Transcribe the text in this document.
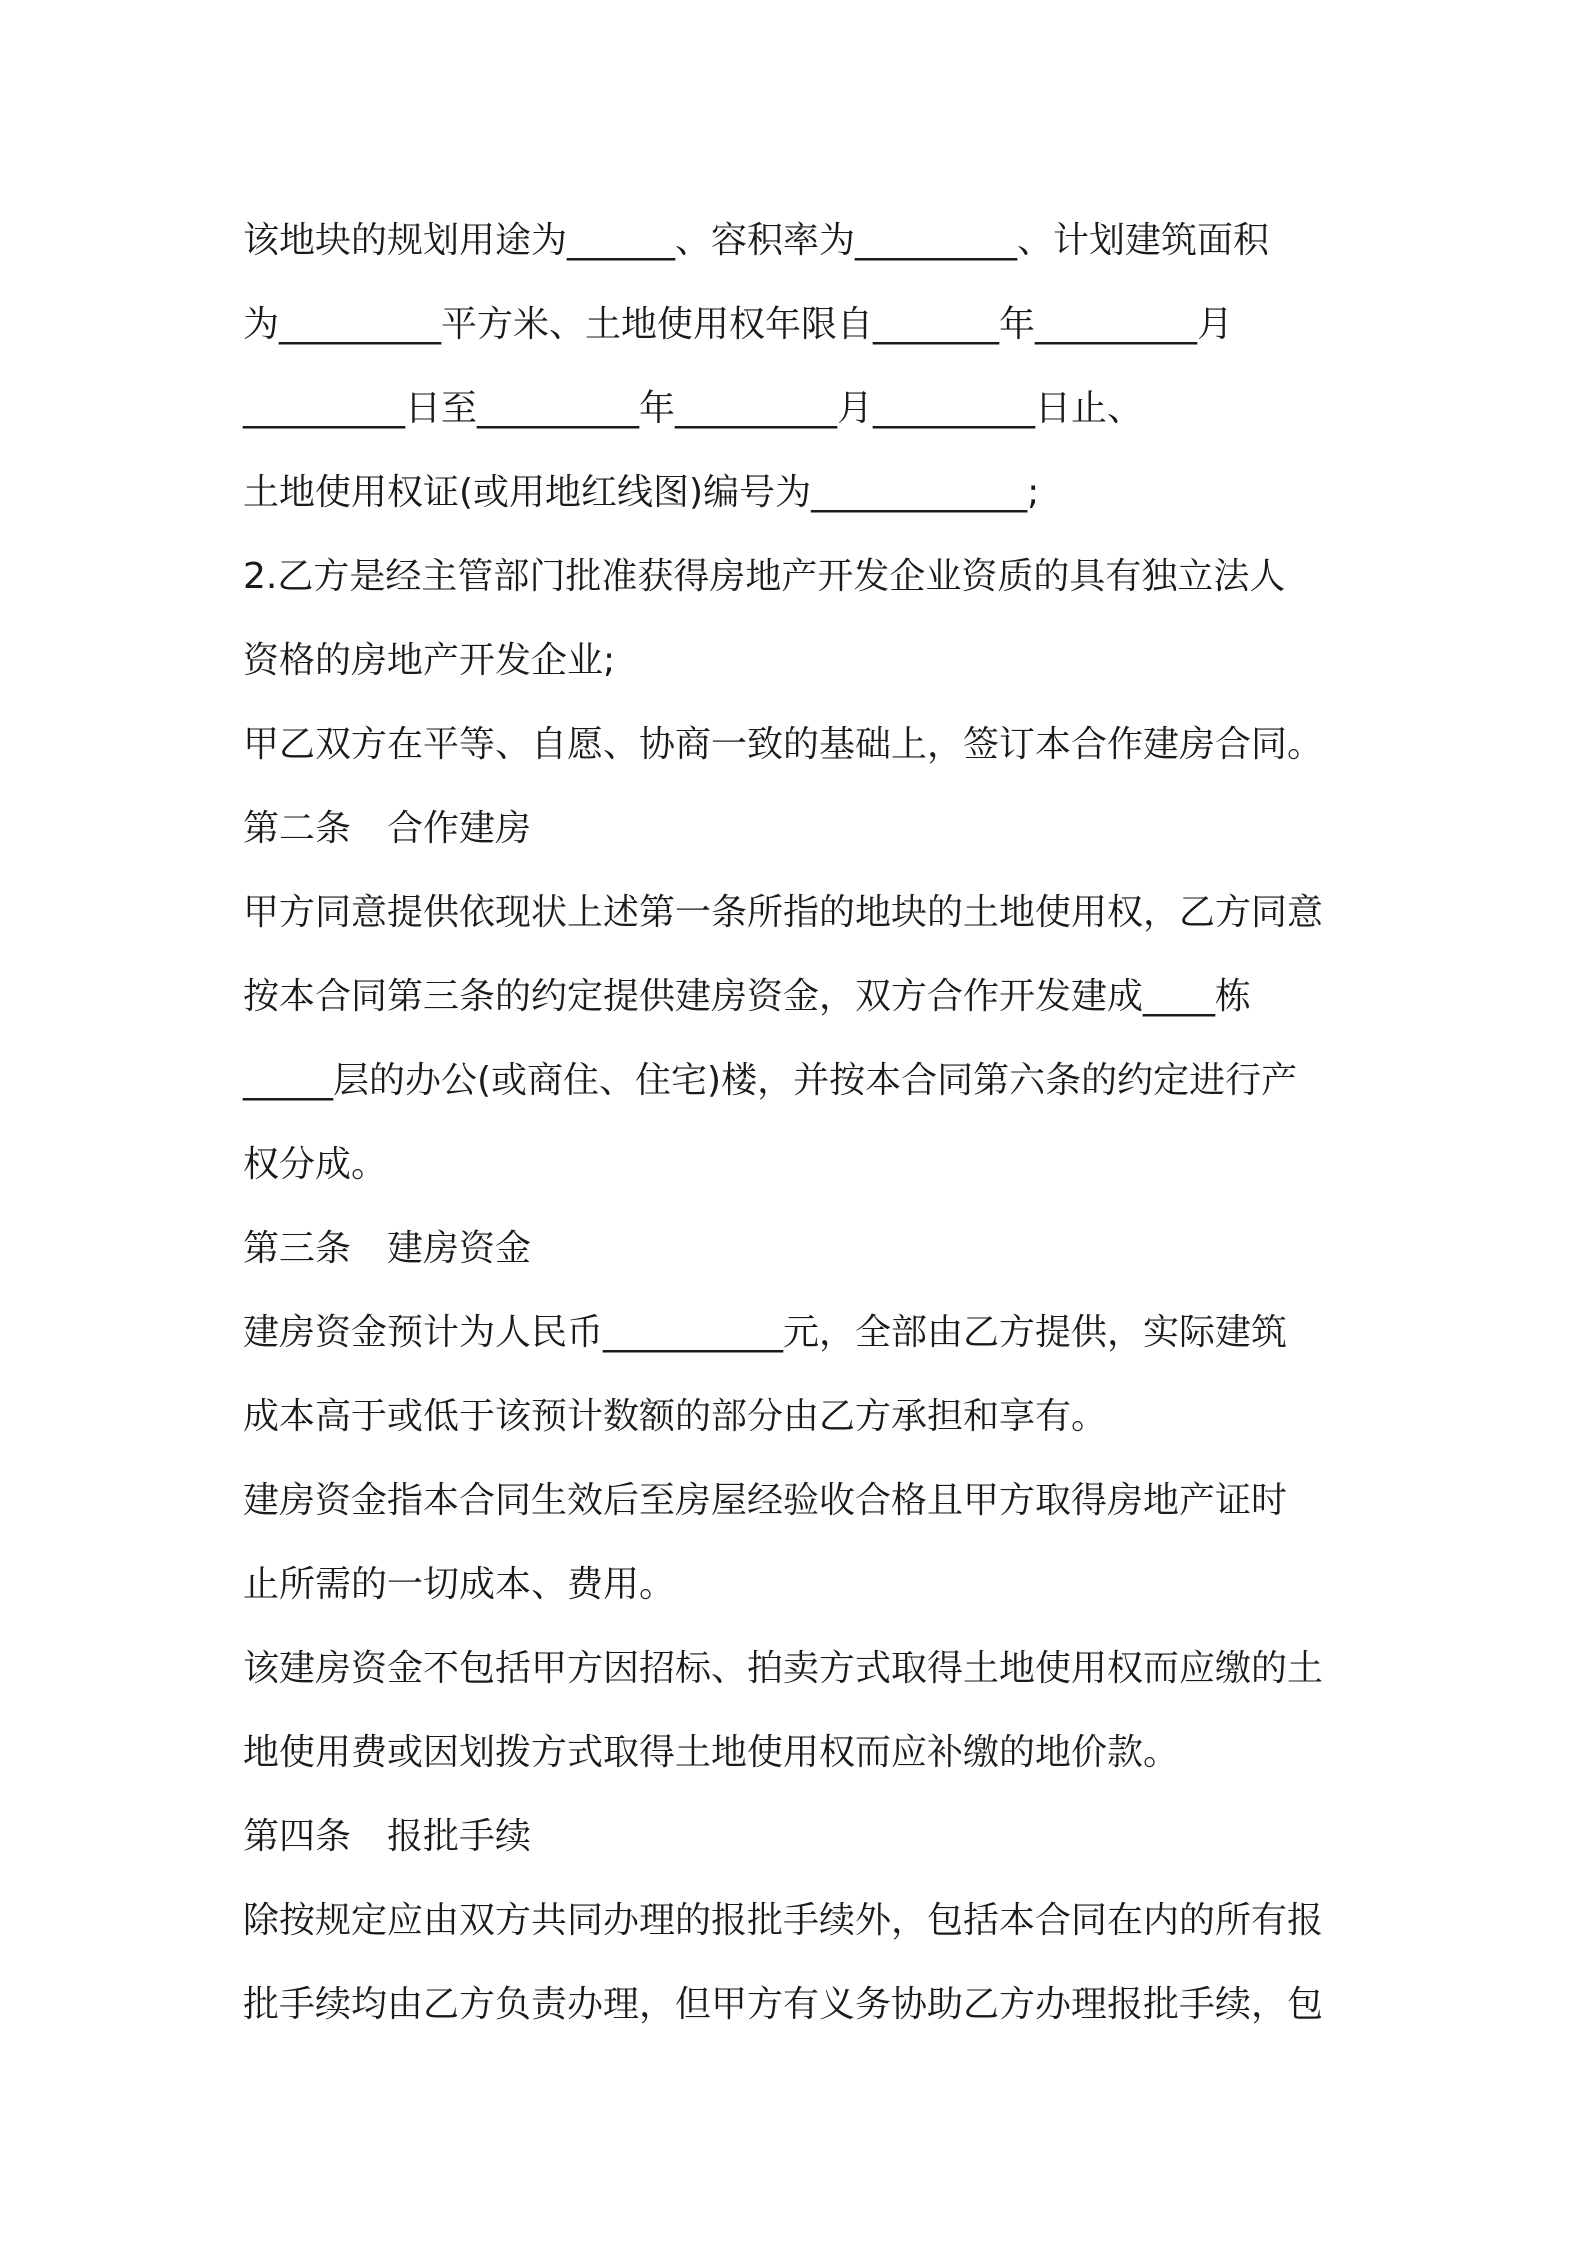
该地块的规划用途为______、容积率为_________、计划建筑面积
为_________平方米、土地使用权年限自_______年_________月
_________日至_________年_________月_________日止、
土地使用权证(或用地红线图)编号为____________;
2.乙方是经主管部门批准获得房地产开发企业资质的具有独立法人
资格的房地产开发企业;
甲乙双方在平等、自愿、协商一致的基础上，签订本合作建房合同。
第二条　合作建房
甲方同意提供依现状上述第一条所指的地块的土地使用权，乙方同意
按本合同第三条的约定提供建房资金，双方合作开发建成____栋
_____层的办公(或商住、住宅)楼，并按本合同第六条的约定进行产
权分成。
第三条　建房资金
建房资金预计为人民币__________元，全部由乙方提供，实际建筑
成本高于或低于该预计数额的部分由乙方承担和享有。
建房资金指本合同生效后至房屋经验收合格且甲方取得房地产证时
止所需的一切成本、费用。
该建房资金不包括甲方因招标、拍卖方式取得土地使用权而应缴的土
地使用费或因划拨方式取得土地使用权而应补缴的地价款。
第四条　报批手续
除按规定应由双方共同办理的报批手续外，包括本合同在内的所有报
批手续均由乙方负责办理，但甲方有义务协助乙方办理报批手续，包
